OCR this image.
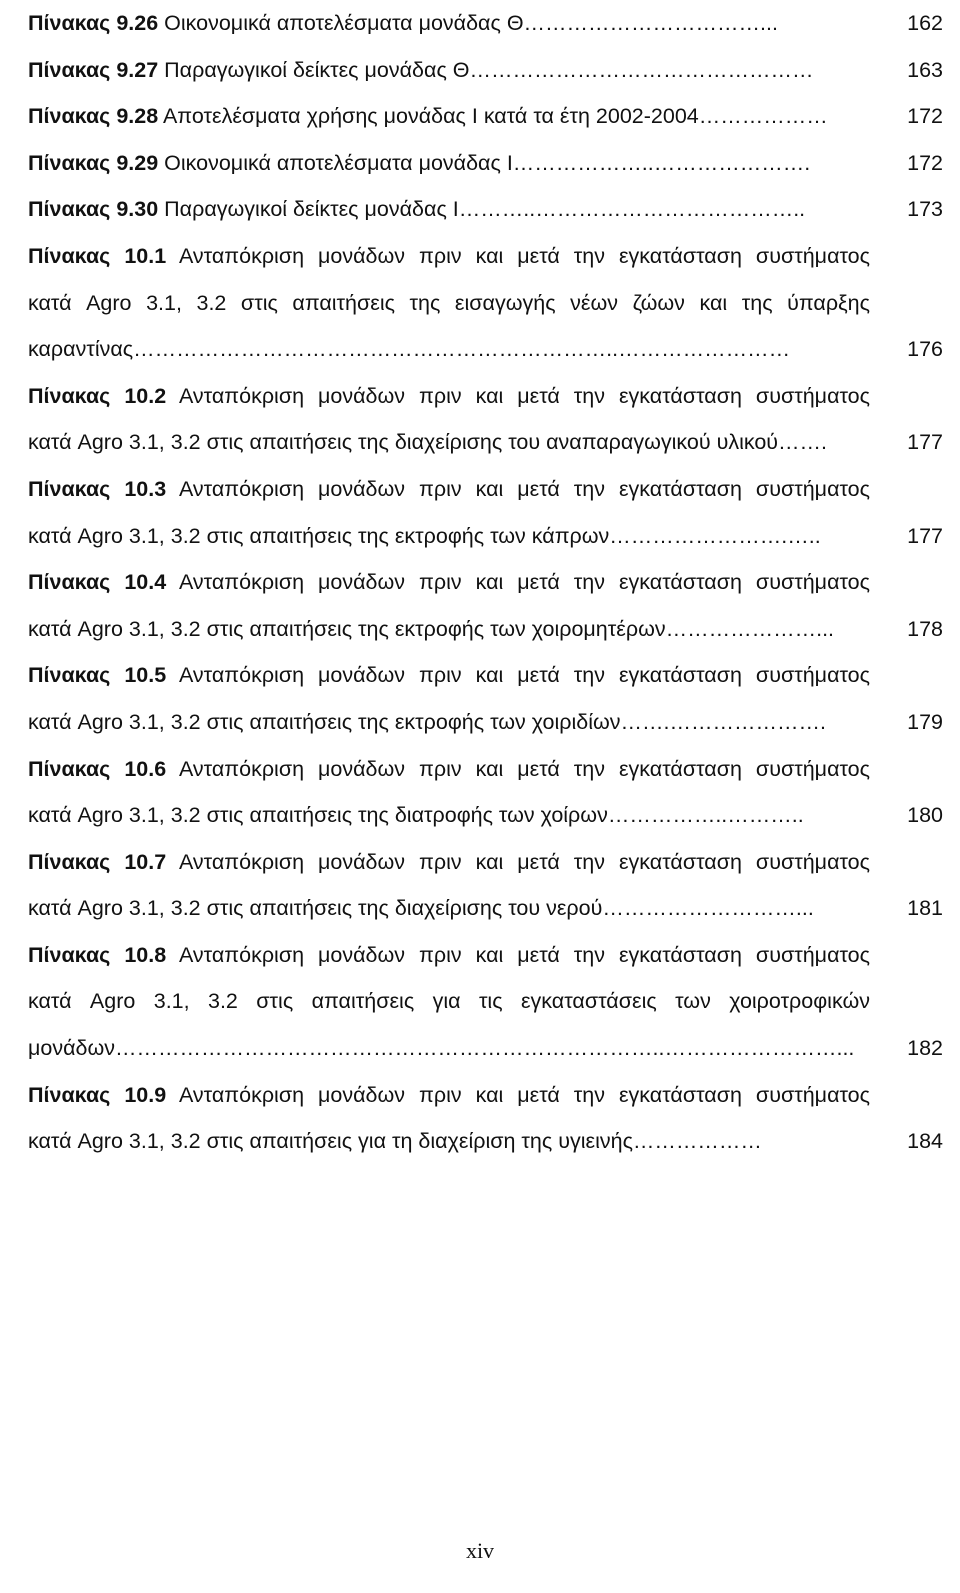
Πίνακας 9.26 Οικονομικά αποτελέσματα μονάδας Θ……………………………...	162
Πίνακας 9.27 Παραγωγικοί δείκτες μονάδας Θ…………………………………………	163
Πίνακας 9.28 Αποτελέσματα χρήσης μονάδας Ι κατά τα έτη 2002-2004………………	172
Πίνακας 9.29 Οικονομικά αποτελέσματα μονάδας Ι………………..………………….	172
Πίνακας 9.30 Παραγωγικοί δείκτες μονάδας Ι………..………………………………..	173
Πίνακας 10.1 Ανταπόκριση μονάδων πριν και μετά την εγκατάσταση συστήματος
κατά Agro 3.1, 3.2 στις απαιτήσεις της εισαγωγής νέων ζώων και της ύπαρξης
καραντίνας…………………………………………………………..……………………	176
Πίνακας 10.2 Ανταπόκριση μονάδων πριν και μετά την εγκατάσταση συστήματος
κατά Agro 3.1, 3.2 στις απαιτήσεις της διαχείρισης του αναπαραγωγικού υλικού…….	177
Πίνακας 10.3 Ανταπόκριση μονάδων πριν και μετά την εγκατάσταση συστήματος
κατά Agro 3.1, 3.2 στις απαιτήσεις της εκτροφής των κάπρων…………………….…..	177
Πίνακας 10.4 Ανταπόκριση μονάδων πριν και μετά την εγκατάσταση συστήματος
κατά Agro 3.1, 3.2 στις απαιτήσεις της εκτροφής των χοιρομητέρων…………………...	178
Πίνακας 10.5 Ανταπόκριση μονάδων πριν και μετά την εγκατάσταση συστήματος
κατά Agro 3.1, 3.2 στις απαιτήσεις της εκτροφής των χοιριδίων…….………………….	179
Πίνακας 10.6 Ανταπόκριση μονάδων πριν και μετά την εγκατάσταση συστήματος
κατά Agro 3.1, 3.2 στις απαιτήσεις της διατροφής των χοίρων……………..………..	180
Πίνακας 10.7 Ανταπόκριση μονάδων πριν και μετά την εγκατάσταση συστήματος
κατά Agro 3.1, 3.2 στις απαιτήσεις της διαχείρισης του νερού………………………...	181
Πίνακας 10.8 Ανταπόκριση μονάδων πριν και μετά την εγκατάσταση συστήματος
κατά Agro 3.1, 3.2 στις απαιτήσεις για τις εγκαταστάσεις των χοιροτροφικών
μονάδων…………………………………………………………………..……………………...	182
Πίνακας 10.9 Ανταπόκριση μονάδων πριν και μετά την εγκατάσταση συστήματος
κατά Agro 3.1, 3.2 στις απαιτήσεις για τη διαχείριση της υγιεινής………………	184
xiv
